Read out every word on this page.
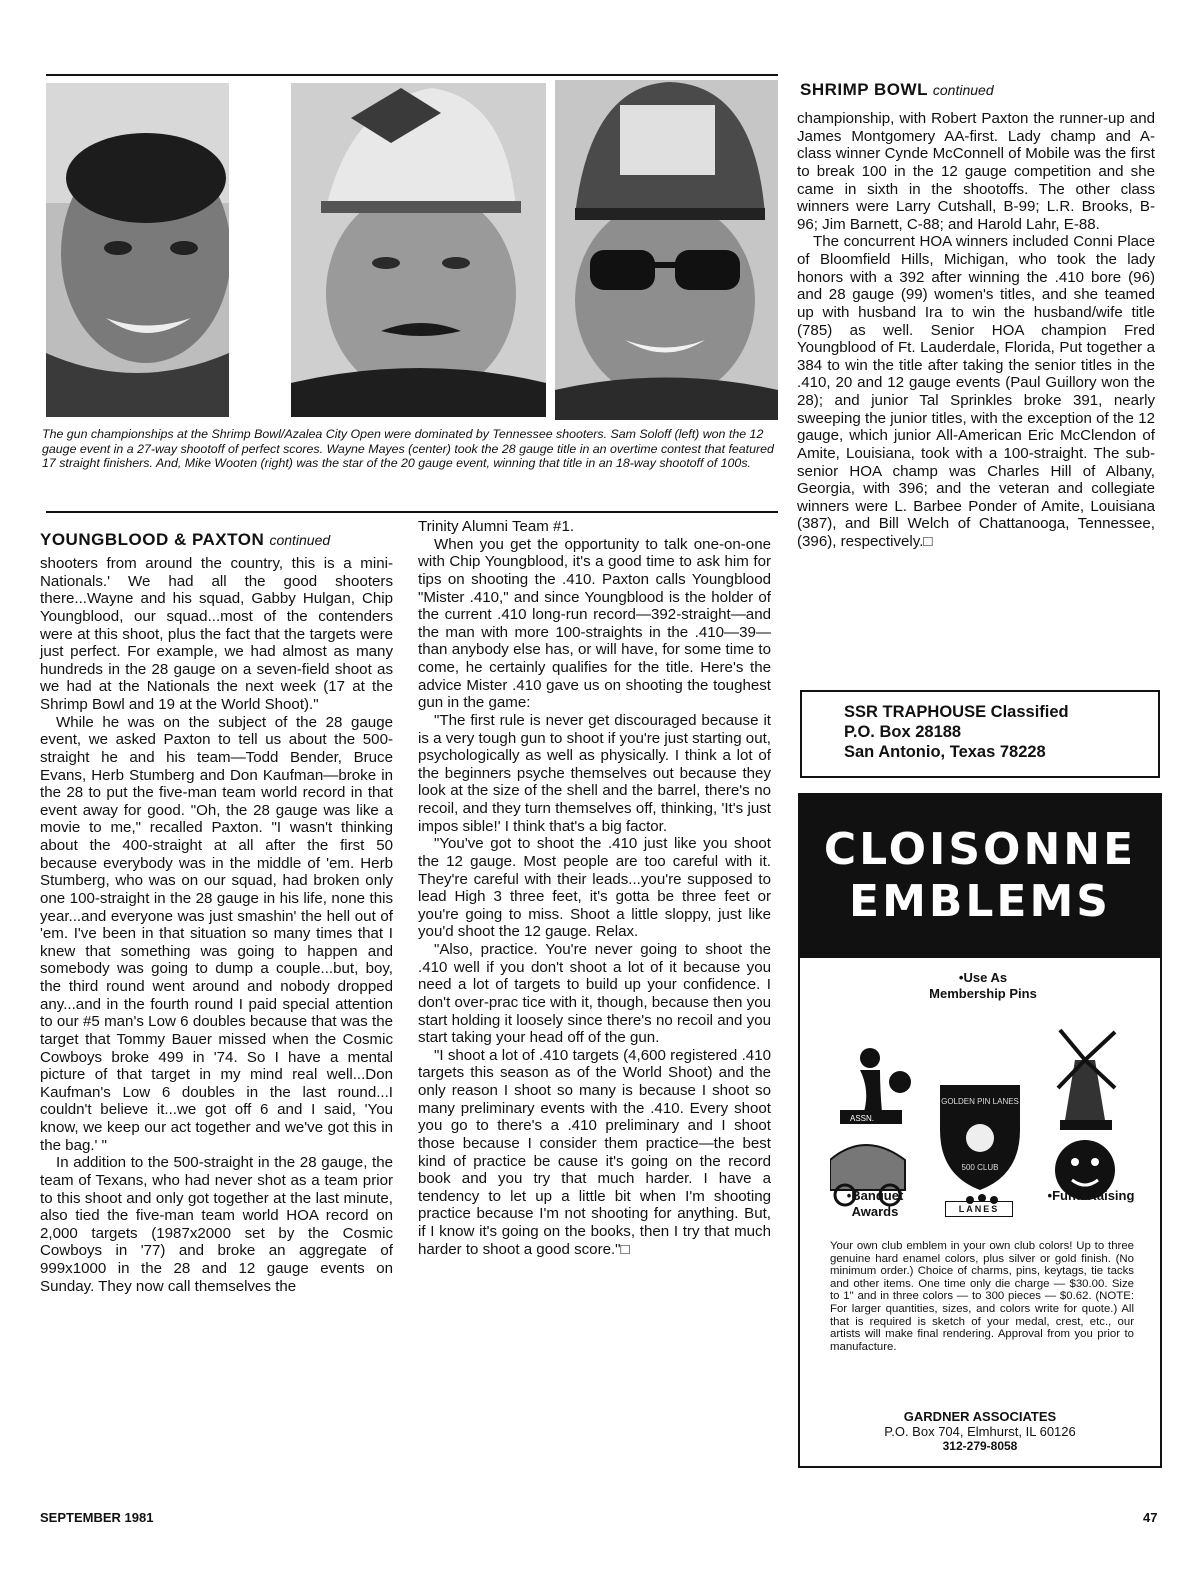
The gun championships at the Shrimp Bowl/Azalea City Open were dominated by Tennessee shooters. Sam Soloff (left) won the 12 gauge event in a 27-way shootoff of perfect scores. Wayne Mayes (center) took the 28 gauge title in an overtime contest that featured 17 straight finishers. And, Mike Wooten (right) was the star of the 20 gauge event, winning that title in an 18-way shootoff of 100s.
YOUNGBLOOD & PAXTON continued

shooters from around the country, this is a mini-Nationals.' We had all the good shooters there...Wayne and his squad, Gabby Hulgan, Chip Youngblood, our squad...most of the contenders were at this shoot, plus the fact that the targets were just perfect. For example, we had almost as many hundreds in the 28 gauge on a seven-field shoot as we had at the Nationals the next week (17 at the Shrimp Bowl and 19 at the World Shoot)."

While he was on the subject of the 28 gauge event, we asked Paxton to tell us about the 500-straight he and his team—Todd Bender, Bruce Evans, Herb Stumberg and Don Kaufman—broke in the 28 to put the five-man team world record in that event away for good. "Oh, the 28 gauge was like a movie to me," recalled Paxton. "I wasn't thinking about the 400-straight at all after the first 50 because everybody was in the middle of 'em. Herb Stumberg, who was on our squad, had broken only one 100-straight in the 28 gauge in his life, none this year...and everyone was just smashin' the hell out of 'em. I've been in that situation so many times that I knew that something was going to happen and somebody was going to dump a couple...but, boy, the third round went around and nobody dropped any...and in the fourth round I paid special attention to our #5 man's Low 6 doubles because that was the target that Tommy Bauer missed when the Cosmic Cowboys broke 499 in '74. So I have a mental picture of that target in my mind real well...Don Kaufman's Low 6 doubles in the last round...I couldn't believe it...we got off 6 and I said, 'You know, we keep our act together and we've got this in the bag.' "

In addition to the 500-straight in the 28 gauge, the team of Texans, who had never shot as a team prior to this shoot and only got together at the last minute, also tied the five-man team world HOA record on 2,000 targets (1987x2000 set by the Cosmic Cowboys in '77) and broke an aggregate of 999x1000 in the 28 and 12 gauge events on Sunday. They now call themselves the

Trinity Alumni Team #1.

When you get the opportunity to talk one-on-one with Chip Youngblood, it's a good time to ask him for tips on shooting the .410. Paxton calls Youngblood "Mister .410," and since Youngblood is the holder of the current .410 long-run record—392-straight—and the man with more 100-straights in the .410—39—than anybody else has, or will have, for some time to come, he certainly qualifies for the title. Here's the advice Mister .410 gave us on shooting the toughest gun in the game:

"The first rule is never get discouraged because it is a very tough gun to shoot if you're just starting out, psychologically as well as physically. I think a lot of the beginners psyche themselves out because they look at the size of the shell and the barrel, there's no recoil, and they turn themselves off, thinking, 'It's just impos sible!' I think that's a big factor.

"You've got to shoot the .410 just like you shoot the 12 gauge. Most people are too careful with it. They're careful with their leads...you're supposed to lead High 3 three feet, it's gotta be three feet or you're going to miss. Shoot a little sloppy, just like you'd shoot the 12 gauge. Relax.

"Also, practice. You're never going to shoot the .410 well if you don't shoot a lot of it because you need a lot of targets to build up your confidence. I don't over-prac tice with it, though, because then you start holding it loosely since there's no recoil and you start taking your head off of the gun.

"I shoot a lot of .410 targets (4,600 registered .410 targets this season as of the World Shoot) and the only reason I shoot so many is because I shoot so many preliminary events with the .410. Every shoot you go to there's a .410 preliminary and I shoot those because I consider them practice—the best kind of practice be cause it's going on the record book and you try that much harder. I have a tendency to let up a little bit when I'm shooting practice because I'm not shooting for anything. But, if I know it's going on the books, then I try that much harder to shoot a good score."□

SHRIMP BOWL continued

championship, with Robert Paxton the runner-up and James Montgomery AA-first. Lady champ and A-class winner Cynde McConnell of Mobile was the first to break 100 in the 12 gauge competition and she came in sixth in the shootoffs. The other class winners were Larry Cutshall, B-99; L.R. Brooks, B-96; Jim Barnett, C-88; and Harold Lahr, E-88.

The concurrent HOA winners included Conni Place of Bloomfield Hills, Michigan, who took the lady honors with a 392 after winning the .410 bore (96) and 28 gauge (99) women's titles, and she teamed up with husband Ira to win the husband/wife title (785) as well. Senior HOA champion Fred Youngblood of Ft. Lauderdale, Florida, Put together a 384 to win the title after taking the senior titles in the .410, 20 and 12 gauge events (Paul Guillory won the 28); and junior Tal Sprinkles broke 391, nearly sweeping the junior titles, with the exception of the 12 gauge, which junior All-American Eric McClendon of Amite, Louisiana, took with a 100-straight. The sub-senior HOA champ was Charles Hill of Albany, Georgia, with 396; and the veteran and collegiate winners were L. Barbee Ponder of Amite, Louisiana (387), and Bill Welch of Chattanooga, Tennessee, (396), respectively.□

SSR TRAPHOUSE Classified
P.O. Box 28188
San Antonio, Texas 78228
CLOISONNE
EMBLEMS
•Use As Membership Pins
ASSN.
GOLDEN PIN LANES
500 CLUB
•Banquet Awards	LANES
•Fund Raising
Your own club emblem in your own club colors! Up to three genuine hard enamel colors, plus silver or gold finish. (No minimum order.) Choice of charms, pins, keytags, tie tacks and other items. One time only die charge — $30.00. Size to 1" and in three colors — to 300 pieces — $0.62. (NOTE: For larger quantities, sizes, and colors write for quote.) All that is required is sketch of your medal, crest, etc., our artists will make final rendering. Approval from you prior to manufacture.
GARDNER ASSOCIATES
P.O. Box 704, Elmhurst, IL 60126
312-279-8058
SEPTEMBER 1981	47
